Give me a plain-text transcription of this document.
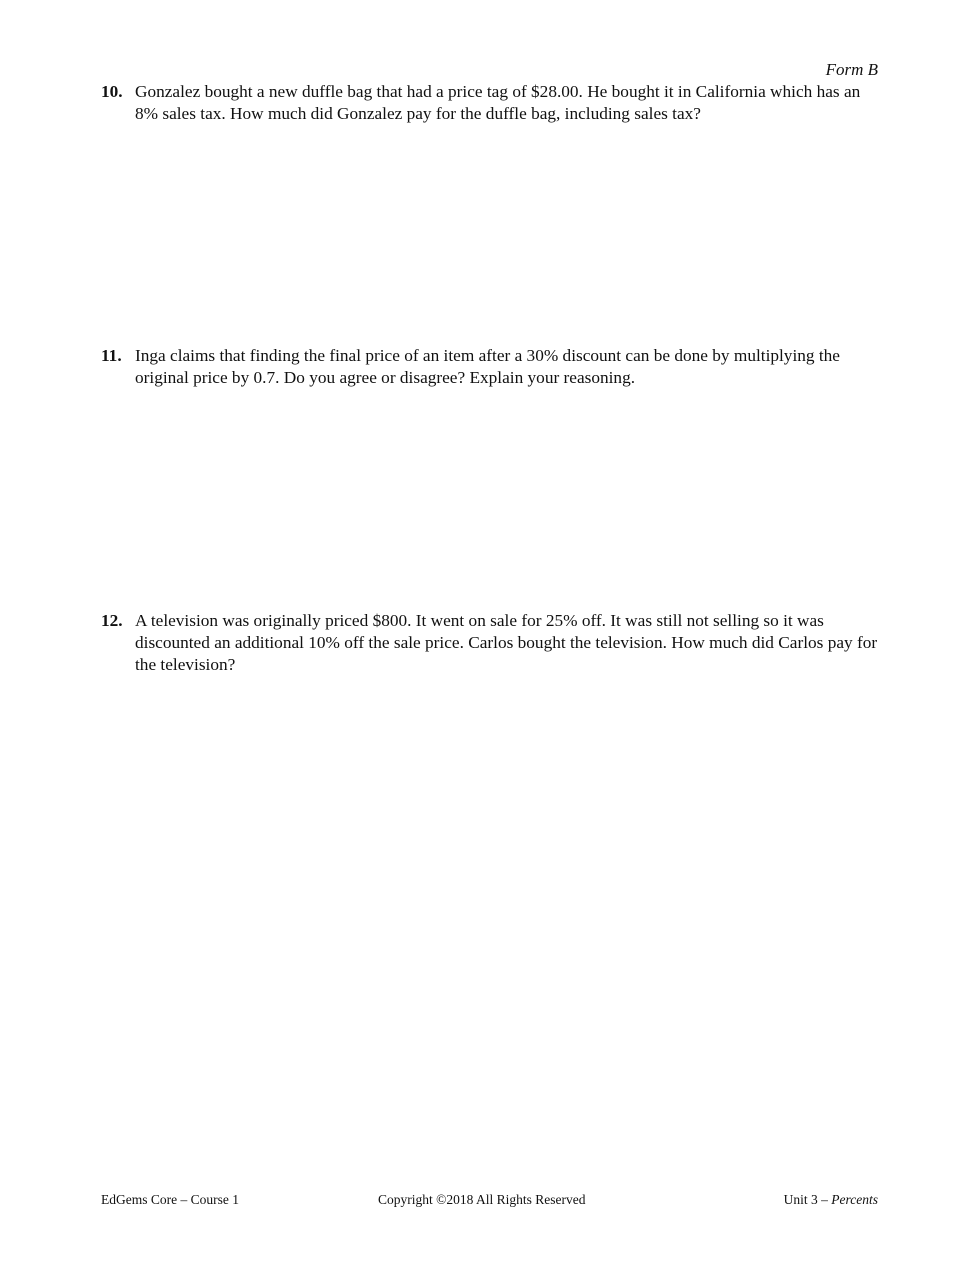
Form B
10. Gonzalez bought a new duffle bag that had a price tag of $28.00. He bought it in California which has an 8% sales tax. How much did Gonzalez pay for the duffle bag, including sales tax?
11. Inga claims that finding the final price of an item after a 30% discount can be done by multiplying the original price by 0.7. Do you agree or disagree? Explain your reasoning.
12. A television was originally priced $800. It went on sale for 25% off. It was still not selling so it was discounted an additional 10% off the sale price. Carlos bought the television. How much did Carlos pay for the television?
EdGems Core – Course 1	Copyright ©2018 All Rights Reserved	Unit 3 – Percents
